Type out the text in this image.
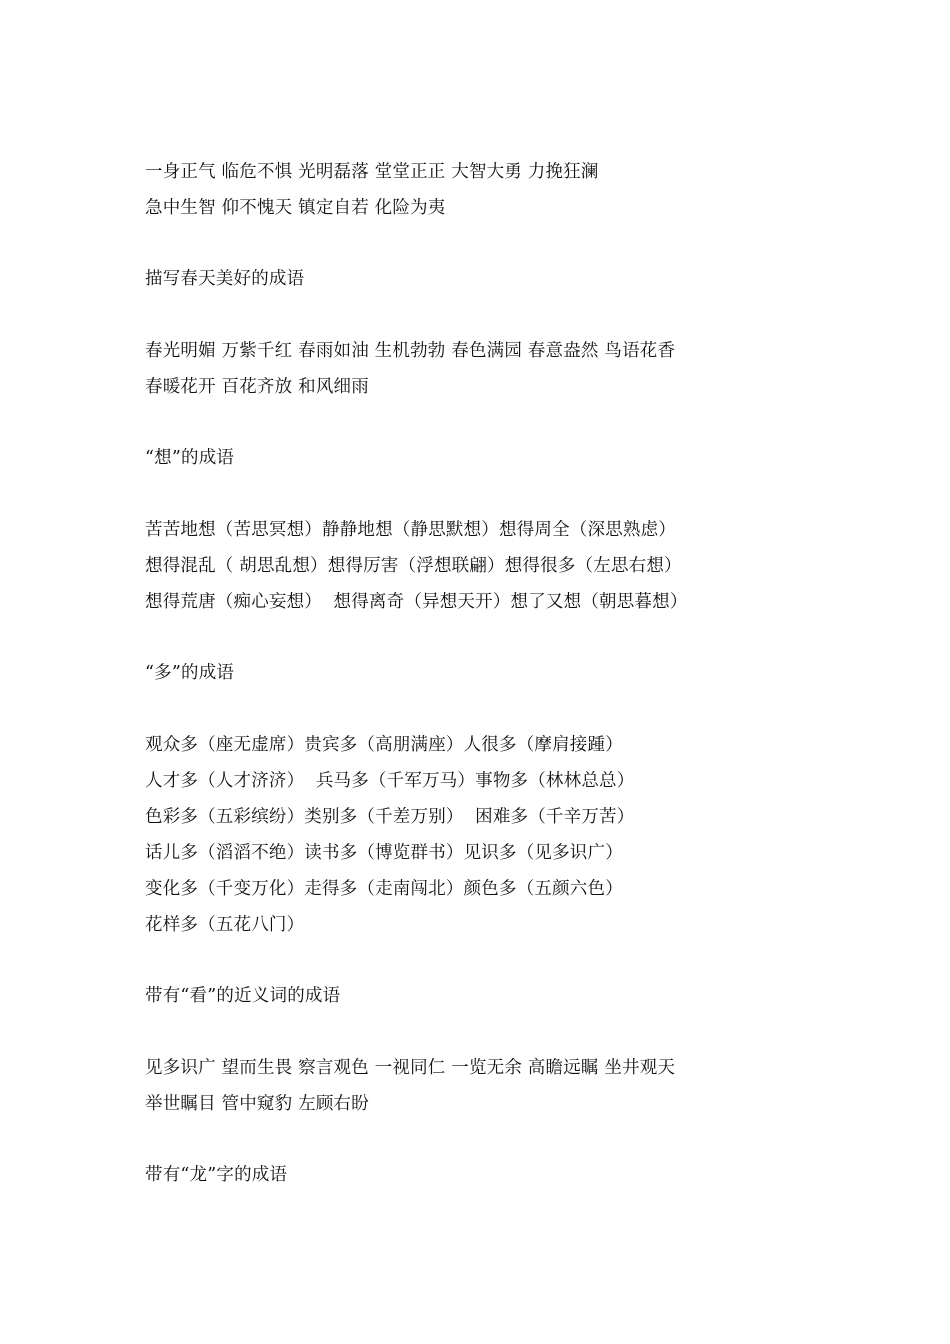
一身正气 临危不惧 光明磊落 堂堂正正 大智大勇 力挽狂澜
急中生智 仰不愧天 镇定自若 化险为夷
描写春天美好的成语
春光明媚 万紫千红 春雨如油 生机勃勃 春色满园 春意盎然 鸟语花香
春暖花开 百花齐放 和风细雨
“想”的成语
苦苦地想（苦思冥想）静静地想（静思默想）想得周全（深思熟虑）
想得混乱（ 胡思乱想）想得厉害（浮想联翩）想得很多（左思右想）
想得荒唐（痴心妄想）  想得离奇（异想天开）想了又想（朝思暮想）
“多”的成语
观众多（座无虚席）贵宾多（高朋满座）人很多（摩肩接踵）
人才多（人才济济）  兵马多（千军万马）事物多（林林总总）
色彩多（五彩缤纷）类别多（千差万别）  困难多（千辛万苦）
话儿多（滔滔不绝）读书多（博览群书）见识多（见多识广）
变化多（千变万化）走得多（走南闯北）颜色多（五颜六色）
花样多（五花八门）
带有“看”的近义词的成语
见多识广 望而生畏 察言观色 一视同仁 一览无余 高瞻远瞩 坐井观天
举世瞩目 管中窥豹 左顾右盼
带有“龙”字的成语
